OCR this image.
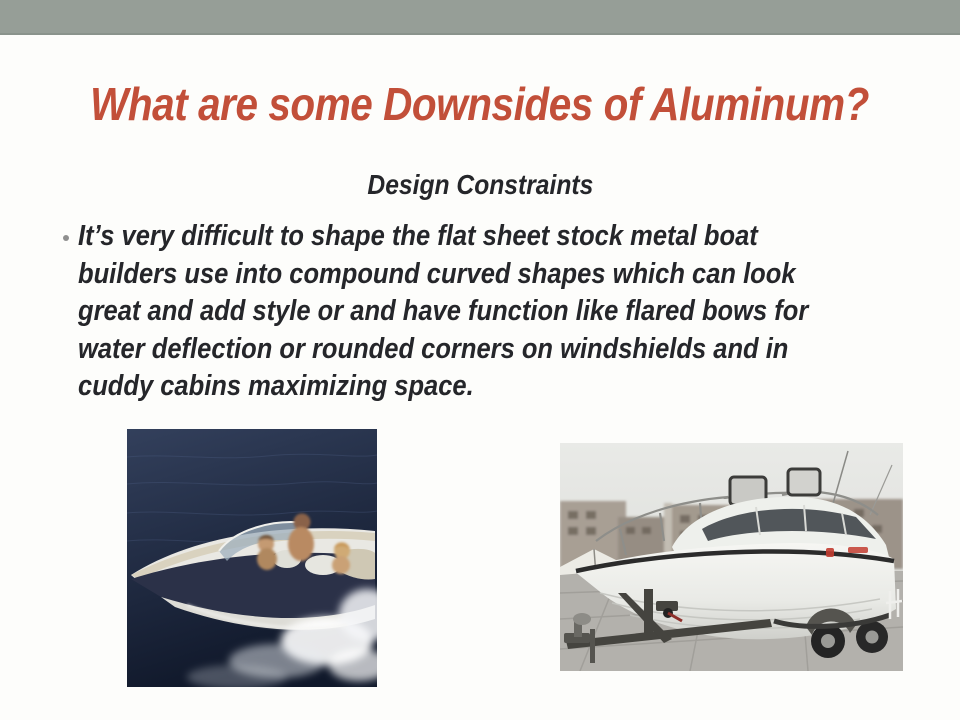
What are some Downsides of Aluminum?
Design Constraints
It’s very difficult to shape the flat sheet stock metal boat
builders use into compound curved shapes which can look
great and add style or and have function like flared bows for
water deflection or rounded corners on windshields and in
cuddy cabins maximizing space.
